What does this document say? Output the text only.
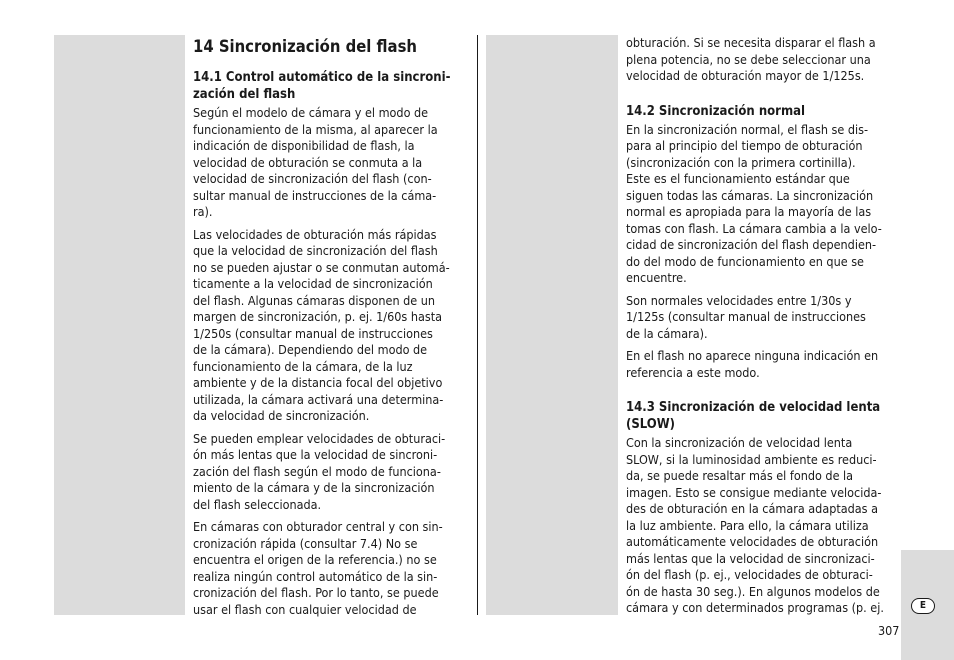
14 Sincronización del flash
14.1 Control automático de la sincroni-
zación del flash

Según el modelo de cámara y el modo de
funcionamiento de la misma, al aparecer la
indicación de disponibilidad de flash, la
velocidad de obturación se conmuta a la
velocidad de sincronización del flash (con-
sultar manual de instrucciones de la cáma-
ra).

Las velocidades de obturación más rápidas
que la velocidad de sincronización del flash
no se pueden ajustar o se conmutan automá-
ticamente a la velocidad de sincronización
del flash. Algunas cámaras disponen de un
margen de sincronización, p. ej. 1/60s hasta
1/250s (consultar manual de instrucciones
de la cámara). Dependiendo del modo de
funcionamiento de la cámara, de la luz
ambiente y de la distancia focal del objetivo
utilizada, la cámara activará una determina-
da velocidad de sincronización.

Se pueden emplear velocidades de obturaci-
ón más lentas que la velocidad de sincroni-
zación del flash según el modo de funciona-
miento de la cámara y de la sincronización
del flash seleccionada.

En cámaras con obturador central y con sin-
cronización rápida (consultar 7.4) No se
encuentra el origen de la referencia.) no se
realiza ningún control automático de la sin-
cronización del flash. Por lo tanto, se puede
usar el flash con cualquier velocidad de

obturación. Si se necesita disparar el flash a
plena potencia, no se debe seleccionar una
velocidad de obturación mayor de 1/125s.

14.2 Sincronización normal

En la sincronización normal, el flash se dis-
para al principio del tiempo de obturación
(sincronización con la primera cortinilla).
Este es el funcionamiento estándar que
siguen todas las cámaras. La sincronización
normal es apropiada para la mayoría de las
tomas con flash. La cámara cambia a la velo-
cidad de sincronización del flash dependien-
do del modo de funcionamiento en que se
encuentre.

Son normales velocidades entre 1/30s y
1/125s (consultar manual de instrucciones
de la cámara).

En el flash no aparece ninguna indicación en
referencia a este modo.

14.3 Sincronización de velocidad lenta
(SLOW)

Con la sincronización de velocidad lenta
SLOW, si la luminosidad ambiente es reduci-
da, se puede resaltar más el fondo de la
imagen. Esto se consigue mediante velocida-
des de obturación en la cámara adaptadas a
la luz ambiente. Para ello, la cámara utiliza
automáticamente velocidades de obturación
más lentas que la velocidad de sincronizaci-
ón del flash (p. ej., velocidades de obturaci-
ón de hasta 30 seg.). En algunos modelos de
cámara y con determinados programas (p. ej.	E
307
